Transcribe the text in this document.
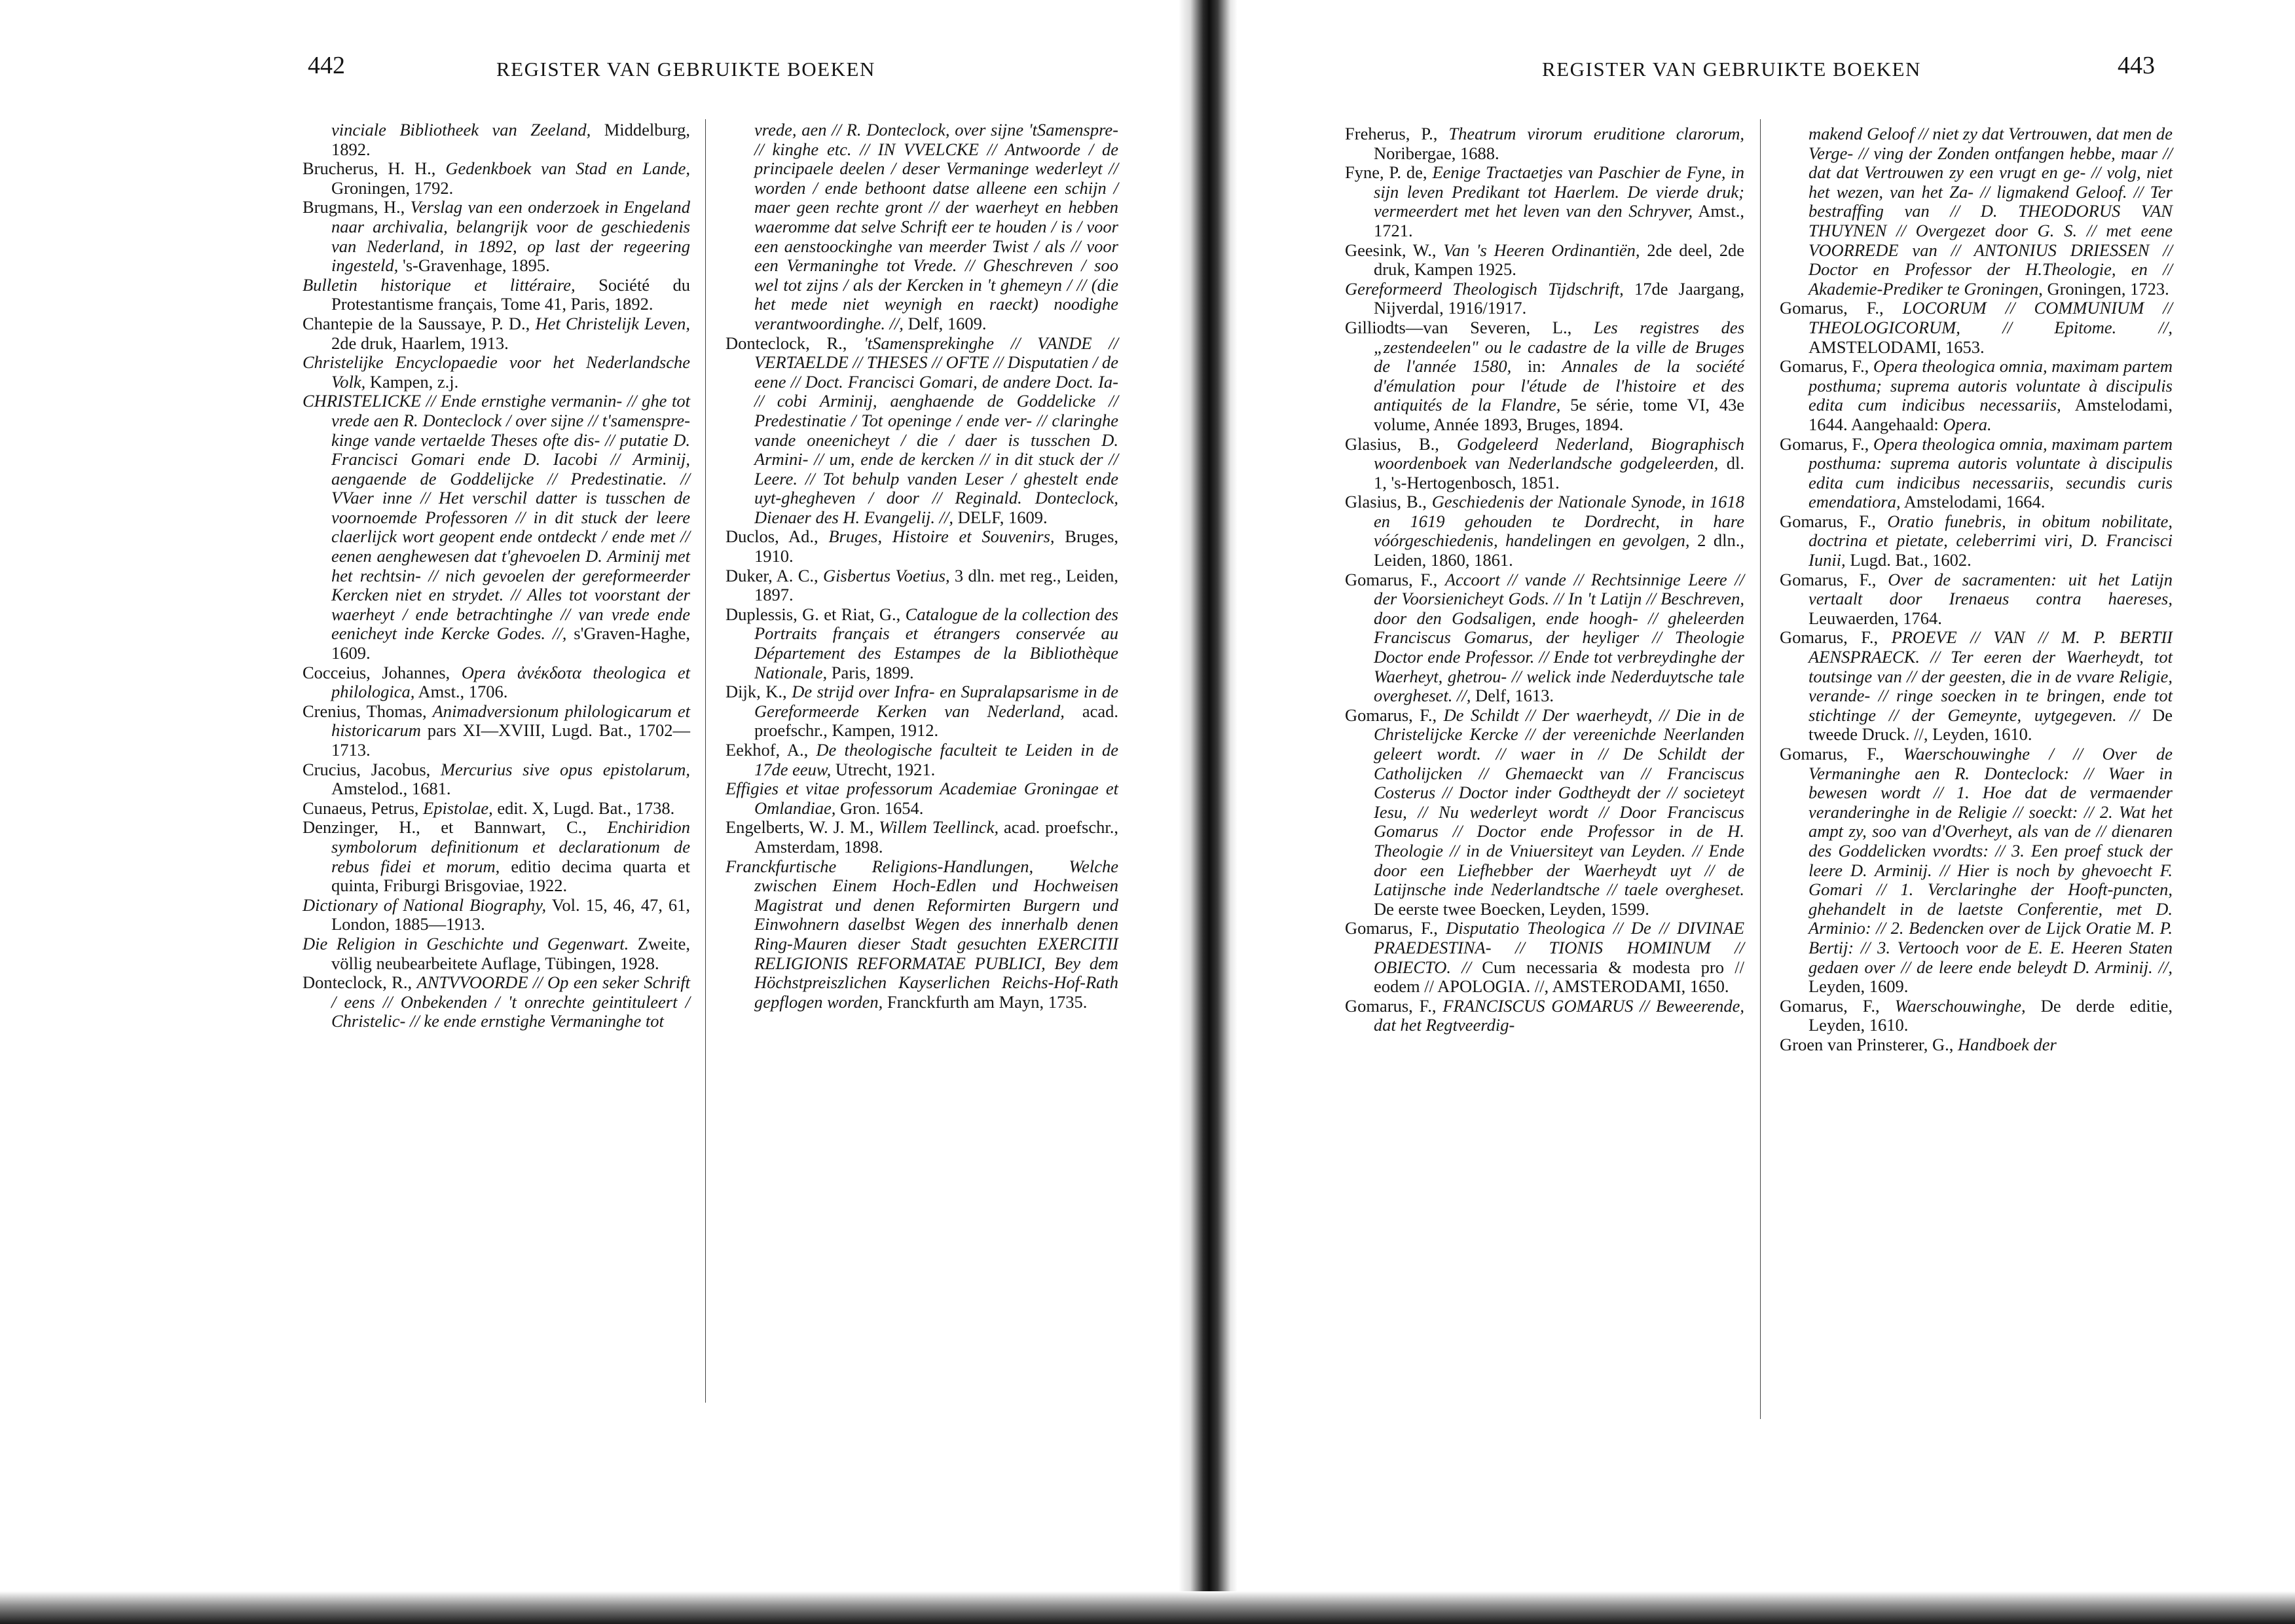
442	REGISTER VAN GEBRUIKTE BOEKEN	443
REGISTER VAN GEBRUIKTE BOEKEN

vinciale Bibliotheek van Zeeland, Middelburg, 1892.

Brucherus, H. H., Gedenkboek van Stad en Lande, Groningen, 1792.

Brugmans, H., Verslag van een onderzoek in Engeland naar archivalia, belangrijk voor de geschiedenis van Nederland, in 1892, op last der regeering ingesteld, 's-Gravenhage, 1895.

Bulletin historique et littéraire, Société du Protestantisme français, Tome 41, Paris, 1892.

Chantepie de la Saussaye, P. D., Het Christelijk Leven, 2de druk, Haarlem, 1913.

Christelijke Encyclopaedie voor het Nederlandsche Volk, Kampen, z.j.

CHRISTELICKE // Ende ernstighe vermanin- // ghe tot vrede aen R. Donteclock / over sijne // t'samenspre-kinge vande vertaelde Theses ofte dis- // putatie D. Francisci Gomari ende D. Iacobi // Arminij, aengaende de Goddelijcke // Predestinatie. // VVaer inne // Het verschil datter is tusschen de voornoemde Professoren // in dit stuck der leere claerlijck wort geopent ende ontdeckt / ende met // eenen aenghewesen dat t'ghevoelen D. Arminij met het rechtsin- // nich gevoelen der gereformeerder Kercken niet en strydet. // Alles tot voorstant der waerheyt / ende betrachtinghe // van vrede ende eenicheyt inde Kercke Godes. //, s'Graven-Haghe, 1609.

Cocceius, Johannes, Opera ἀνέκδοτα theologica et philologica, Amst., 1706.

Crenius, Thomas, Animadversionum philologicarum et historicarum pars XI—XVIII, Lugd. Bat., 1702—1713.

Crucius, Jacobus, Mercurius sive opus epistolarum, Amstelod., 1681.

Cunaeus, Petrus, Epistolae, edit. X, Lugd. Bat., 1738.

Denzinger, H., et Bannwart, C., Enchiridion symbolorum definitionum et declarationum de rebus fidei et morum, editio decima quarta et quinta, Friburgi Brisgoviae, 1922.

Dictionary of National Biography, Vol. 15, 46, 47, 61, London, 1885—1913.

Die Religion in Geschichte und Gegenwart. Zweite, völlig neubearbeitete Auflage, Tübingen, 1928.

Donteclock, R., ANTVVOORDE // Op een seker Schrift / eens // Onbekenden / 't onrechte geintituleert / Christelic- // ke ende ernstighe Vermaninghe tot

vrede, aen // R. Donteclock, over sijne 'tSamenspre- // kinghe etc. // IN VVELCKE // Antwoorde / de principaele deelen / deser Vermaninge wederleyt // worden / ende bethoont datse alleene een schijn / maer geen rechte gront // der waerheyt en hebben waeromme dat selve Schrift eer te houden / is / voor een aenstoockinghe van meerder Twist / als // voor een Vermaninghe tot Vrede. // Gheschreven / soo wel tot zijns / als der Kercken in 't ghemeyn / // (die het mede niet weynigh en raeckt) noodighe verantwoordinghe. //, Delf, 1609.

Donteclock, R., 'tSamensprekinghe // VANDE // VERTAELDE // THESES // OFTE // Disputatien / de eene // Doct. Francisci Gomari, de andere Doct. Ia- // cobi Arminij, aenghaende de Goddelicke // Predestinatie / Tot openinge / ende ver- // claringhe vande oneenicheyt / die / daer is tusschen D. Armini- // um, ende de kercken // in dit stuck der // Leere. // Tot behulp vanden Leser / ghestelt ende uyt-ghegheven / door // Reginald. Donteclock, Dienaer des H. Evangelij. //, DELF, 1609.

Duclos, Ad., Bruges, Histoire et Souvenirs, Bruges, 1910.

Duker, A. C., Gisbertus Voetius, 3 dln. met reg., Leiden, 1897.

Duplessis, G. et Riat, G., Catalogue de la collection des Portraits français et étrangers conservée au Département des Estampes de la Bibliothèque Nationale, Paris, 1899.

Dijk, K., De strijd over Infra- en Supralapsarisme in de Gereformeerde Kerken van Nederland, acad. proefschr., Kampen, 1912.

Eekhof, A., De theologische faculteit te Leiden in de 17de eeuw, Utrecht, 1921.

Effigies et vitae professorum Academiae Groningae et Omlandiae, Gron. 1654.

Engelberts, W. J. M., Willem Teellinck, acad. proefschr., Amsterdam, 1898.

Franckfurtische Religions-Handlungen, Welche zwischen Einem Hoch-Edlen und Hochweisen Magistrat und denen Reformirten Burgern und Einwohnern daselbst Wegen des innerhalb denen Ring-Mauren dieser Stadt gesuchten EXERCITII RELIGIONIS REFORMATAE PUBLICI, Bey dem Höchstpreiszlichen Kayserlichen Reichs-Hof-Rath gepflogen worden, Franckfurth am Mayn, 1735.

Freherus, P., Theatrum virorum eruditione clarorum, Noribergae, 1688.

Fyne, P. de, Eenige Tractaetjes van Paschier de Fyne, in sijn leven Predikant tot Haerlem. De vierde druk; vermeerdert met het leven van den Schryver, Amst., 1721.

Geesink, W., Van 's Heeren Ordinantiën, 2de deel, 2de druk, Kampen 1925.

Gereformeerd Theologisch Tijdschrift, 17de Jaargang, Nijverdal, 1916/1917.

Gilliodts—van Severen, L., Les registres des „zestendeelen" ou le cadastre de la ville de Bruges de l'année 1580, in: Annales de la société d'émulation pour l'étude de l'histoire et des antiquités de la Flandre, 5e série, tome VI, 43e volume, Année 1893, Bruges, 1894.

Glasius, B., Godgeleerd Nederland, Biographisch woordenboek van Nederlandsche godgeleerden, dl. 1, 's-Hertogenbosch, 1851.

Glasius, B., Geschiedenis der Nationale Synode, in 1618 en 1619 gehouden te Dordrecht, in hare vóórgeschiedenis, handelingen en gevolgen, 2 dln., Leiden, 1860, 1861.

Gomarus, F., Accoort // vande // Rechtsinnige Leere // der Voorsienicheyt Gods. // In 't Latijn // Beschreven, door den Godsaligen, ende hoogh- // gheleerden Franciscus Gomarus, der heyliger // Theologie Doctor ende Professor. // Ende tot verbreydinghe der Waerheyt, ghetrou- // welick inde Nederduytsche tale overgheset. //, Delf, 1613.

Gomarus, F., De Schildt // Der waerheydt, // Die in de Christelijcke Kercke // der vereenichde Neerlanden geleert wordt. // waer in // De Schildt der Catholijcken // Ghemaeckt van // Franciscus Costerus // Doctor inder Godtheydt der // societeyt Iesu, // Nu wederleyt wordt // Door Franciscus Gomarus // Doctor ende Professor in de H. Theologie // in de Vniuersiteyt van Leyden. // Ende door een Liefhebber der Waerheydt uyt // de Latijnsche inde Nederlandtsche // taele overgheset. De eerste twee Boecken, Leyden, 1599.

Gomarus, F., Disputatio Theologica // De // DIVINAE PRAEDESTINA- // TIONIS HOMINUM // OBIECTO. // Cum necessaria & modesta pro // eodem // APOLOGIA. //, AMSTERODAMI, 1650.

Gomarus, F., FRANCISCUS GOMARUS // Beweerende, dat het Regtveerdig-

makend Geloof // niet zy dat Vertrouwen, dat men de Verge- // ving der Zonden ontfangen hebbe, maar // dat dat Vertrouwen zy een vrugt en ge- // volg, niet het wezen, van het Za- // ligmakend Geloof. // Ter bestraffing van // D. THEODORUS VAN THUYNEN // Overgezet door G. S. // met eene VOORREDE van // ANTONIUS DRIESSEN // Doctor en Professor der H.Theologie, en // Akademie-Prediker te Groningen, Groningen, 1723.

Gomarus, F., LOCORUM // COMMUNIUM // THEOLOGICORUM, // Epitome. //, AMSTELODAMI, 1653.

Gomarus, F., Opera theologica omnia, maximam partem posthuma; suprema autoris voluntate à discipulis edita cum indicibus necessariis, Amstelodami, 1644. Aangehaald: Opera.

Gomarus, F., Opera theologica omnia, maximam partem posthuma: suprema autoris voluntate à discipulis edita cum indicibus necessariis, secundis curis emendatiora, Amstelodami, 1664.

Gomarus, F., Oratio funebris, in obitum nobilitate, doctrina et pietate, celeberrimi viri, D. Francisci Iunii, Lugd. Bat., 1602.

Gomarus, F., Over de sacramenten: uit het Latijn vertaalt door Irenaeus contra haereses, Leuwaerden, 1764.

Gomarus, F., PROEVE // VAN // M. P. BERTII AENSPRAECK. // Ter eeren der Waerheydt, tot toutsinge van // der geesten, die in de vvare Religie, verande- // ringe soecken in te bringen, ende tot stichtinge // der Gemeynte, uytgegeven. // De tweede Druck. //, Leyden, 1610.

Gomarus, F., Waerschouwinghe / // Over de Vermaninghe aen R. Donteclock: // Waer in bewesen wordt // 1. Hoe dat de vermaender veranderinghe in de Religie // soeckt: // 2. Wat het ampt zy, soo van d'Overheyt, als van de // dienaren des Goddelicken vvordts: // 3. Een proef stuck der leere D. Arminij. // Hier is noch by ghevoecht F. Gomari // 1. Verclaringhe der Hooft-puncten, ghehandelt in de laetste Conferentie, met D. Arminio: // 2. Bedencken over de Lijck Oratie M. P. Bertij: // 3. Vertooch voor de E. E. Heeren Staten gedaen over // de leere ende beleydt D. Arminij. //, Leyden, 1609.

Gomarus, F., Waerschouwinghe, De derde editie, Leyden, 1610.

Groen van Prinsterer, G., Handboek der
